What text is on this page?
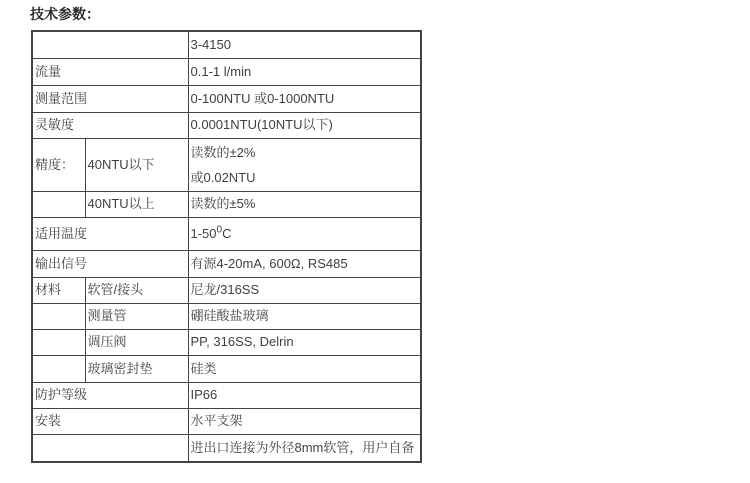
技术参数：
		3-4150
流量		0.1-1 l/min
测量范围		0-100NTU 或0-1000NTU
灵敏度		0.0001NTU(10NTU以下)
精度：	40NTU以下	读数的±2%
或0.02NTU

	40NTU以上	读数的±5%
适用温度		$1-50^0C$
输出信号		有源4-20mA, 600Ω, RS485
材料	软管/接头	尼龙/316SS
	测量管	硼硅酸盐玻璃
	调压阀	PP, 316SS, Delrin
	玻璃密封垫	硅类
防护等级		IP66
安装		水平支架
		进出口连接为外径8mm软管，用户自备
